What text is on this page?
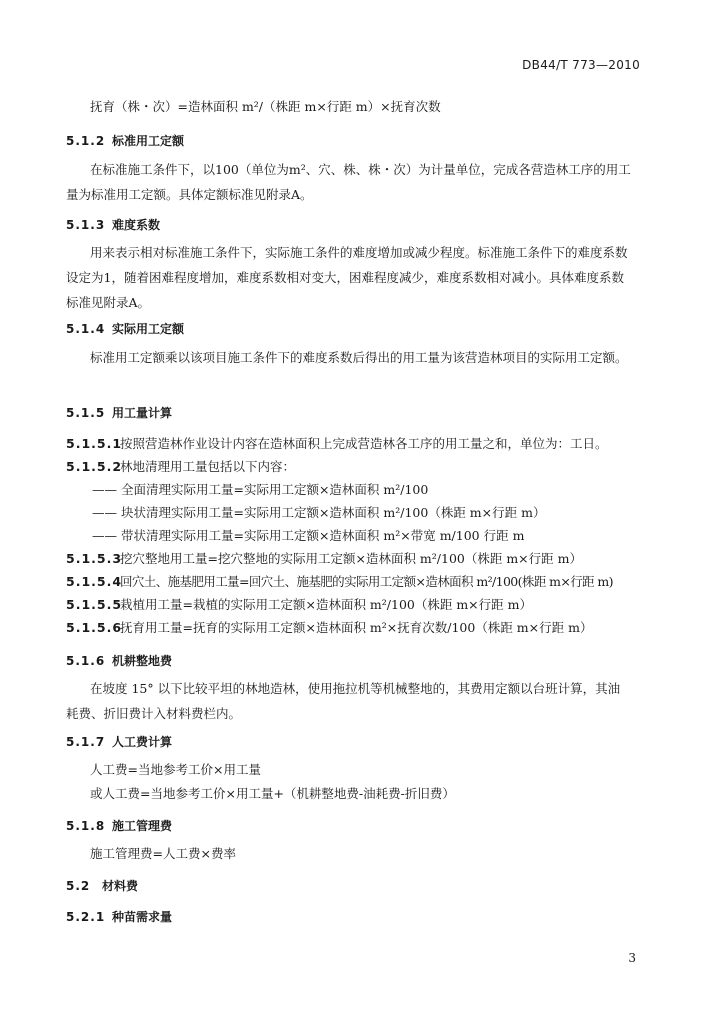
DB44/T 773—2010
抚育（株・次）=造林面积 m²/（株距 m×行距 m）×抚育次数
5.1.2 标准用工定额
在标准施工条件下，以100（单位为m²、穴、株、株・次）为计量单位，完成各营造林工序的用工量为标准用工定额。具体定额标准见附录A。
5.1.3 难度系数
用来表示相对标准施工条件下，实际施工条件的难度增加或减少程度。标准施工条件下的难度系数设定为1，随着困难程度增加，难度系数相对变大，困难程度减少，难度系数相对减小。具体难度系数标准见附录A。
5.1.4 实际用工定额
标准用工定额乘以该项目施工条件下的难度系数后得出的用工量为该营造林项目的实际用工定额。
5.1.5 用工量计算
5.1.5.1按照营造林作业设计内容在造林面积上完成营造林各工序的用工量之和，单位为：工日。
5.1.5.2林地清理用工量包括以下内容：
—— 全面清理实际用工量=实际用工定额×造林面积 m²/100
—— 块状清理实际用工量=实际用工定额×造林面积 m²/100（株距 m×行距 m）
—— 带状清理实际用工量=实际用工定额×造林面积 m²×带宽 m/100 行距 m
5.1.5.3挖穴整地用工量=挖穴整地的实际用工定额×造林面积 m²/100（株距 m×行距 m）
5.1.5.4回穴土、施基肥用工量=回穴土、施基肥的实际用工定额×造林面积 m²/100(株距 m×行距 m)
5.1.5.5栽植用工量=栽植的实际用工定额×造林面积 m²/100（株距 m×行距 m）
5.1.5.6抚育用工量=抚育的实际用工定额×造林面积 m²×抚育次数/100（株距 m×行距 m）
5.1.6 机耕整地费
在坡度 15° 以下比较平坦的林地造林，使用拖拉机等机械整地的，其费用定额以台班计算，其油耗费、折旧费计入材料费栏内。
5.1.7 人工费计算
人工费=当地参考工价×用工量
或人工费=当地参考工价×用工量+（机耕整地费-油耗费-折旧费）
5.1.8 施工管理费
施工管理费=人工费×费率
5.2 材料费
5.2.1 种苗需求量
3
